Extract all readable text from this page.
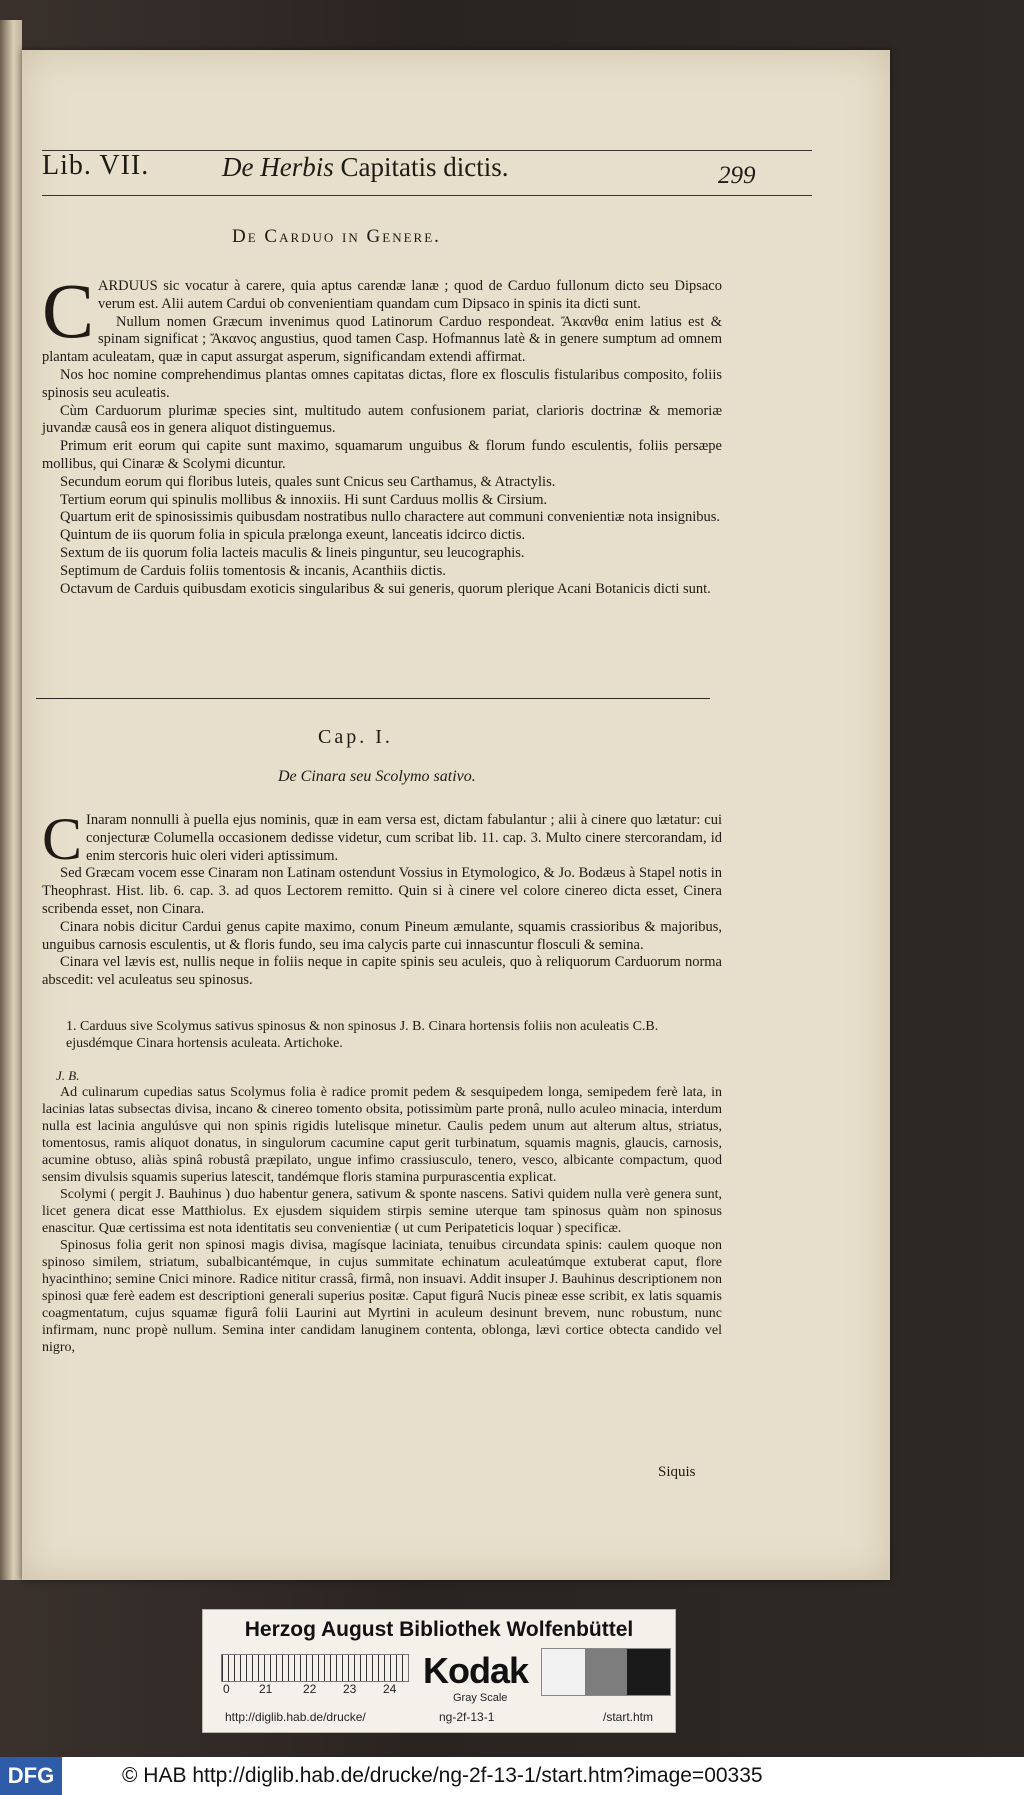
Lib. VII.	De Herbis Capitatis dictis.	299
De Carduo in Genere.
C ARDUUS sic vocatur à carere, quia aptus carendæ lanæ ; quod de Carduo fullonum dicto seu Dipsaco verum est. Alii autem Cardui ob convenientiam quandam cum Dipsaco in spinis ita dicti sunt.

Nullum nomen Græcum invenimus quod Latinorum Carduo respondeat. Ἄκανθα enim latius est & spinam significat ; Ἄκανος angustius, quod tamen Casp. Hofmannus latè & in genere sumptum ad omnem plantam aculeatam, quæ in caput assurgat asperum, significandam extendi affirmat.

Nos hoc nomine comprehendimus plantas omnes capitatas dictas, flore ex flosculis fistularibus composito, foliis spinosis seu aculeatis.

Cùm Carduorum plurimæ species sint, multitudo autem confusionem pariat, clarioris doctrinæ & memoriæ juvandæ causâ eos in genera aliquot distinguemus.

Primum erit eorum qui capite sunt maximo, squamarum unguibus & florum fundo esculentis, foliis persæpe mollibus, qui Cinaræ & Scolymi dicuntur.

Secundum eorum qui floribus luteis, quales sunt Cnicus seu Carthamus, & Atractylis.

Tertium eorum qui spinulis mollibus & innoxiis. Hi sunt Carduus mollis & Cirsium.

Quartum erit de spinosissimis quibusdam nostratibus nullo charactere aut communi convenientiæ nota insignibus.

Quintum de iis quorum folia in spicula prælonga exeunt, lanceatis idcirco dictis.

Sextum de iis quorum folia lacteis maculis & lineis pinguntur, seu leucographis.

Septimum de Carduis foliis tomentosis & incanis, Acanthiis dictis.

Octavum de Carduis quibusdam exoticis singularibus & sui generis, quorum plerique Acani Botanicis dicti sunt.

Cap. I.
De Cinara seu Scolymo sativo.
C Inaram nonnulli à puella ejus nominis, quæ in eam versa est, dictam fabulantur ; alii à cinere quo lætatur: cui conjecturæ Columella occasionem dedisse videtur, cum scribat lib. 11. cap. 3. Multo cinere stercorandam, id enim stercoris huic oleri videri aptissimum.

Sed Græcam vocem esse Cinaram non Latinam ostendunt Vossius in Etymologico, & Jo. Bodæus à Stapel notis in Theophrast. Hist. lib. 6. cap. 3. ad quos Lectorem remitto. Quin si à cinere vel colore cinereo dicta esset, Cinera scribenda esset, non Cinara.

Cinara nobis dicitur Cardui genus capite maximo, conum Pineum æmulante, squamis crassioribus & majoribus, unguibus carnosis esculentis, ut & floris fundo, seu ima calycis parte cui innascuntur flosculi & semina.

Cinara vel lævis est, nullis neque in foliis neque in capite spinis seu aculeis, quo à reliquorum Carduorum norma abscedit: vel aculeatus seu spinosus.

1. Carduus sive Scolymus sativus spinosus & non spinosus J. B. Cinara hortensis foliis non aculeatis C.B. ejusdémque Cinara hortensis aculeata. Artichoke.
J. B.

Ad culinarum cupedias satus Scolymus folia è radice promit pedem & sesquipedem longa, semipedem ferè lata, in lacinias latas subsectas divisa, incano & cinereo tomento obsita, potissimùm parte pronâ, nullo aculeo minacia, interdum nulla est lacinia angulúsve qui non spinis rigidis lutelisque minetur. Caulis pedem unum aut alterum altus, striatus, tomentosus, ramis aliquot donatus, in singulorum cacumine caput gerit turbinatum, squamis magnis, glaucis, carnosis, acumine obtuso, aliàs spinâ robustâ præpilato, ungue infimo crassiusculo, tenero, vesco, albicante compactum, quod sensim divulsis squamis superius latescit, tandémque floris stamina purpurascentia explicat.

Scolymi ( pergit J. Bauhinus ) duo habentur genera, sativum & sponte nascens. Sativi quidem nulla verè genera sunt, licet genera dicat esse Matthiolus. Ex ejusdem siquidem stirpis semine uterque tam spinosus quàm non spinosus enascitur. Quæ certissima est nota identitatis seu convenientiæ ( ut cum Peripateticis loquar ) specificæ.

Spinosus folia gerit non spinosi magis divisa, magísque laciniata, tenuibus circundata spinis: caulem quoque non spinoso similem, striatum, subalbicantémque, in cujus summitate echinatum aculeatúmque extuberat caput, flore hyacinthino; semine Cnici minore. Radice nititur crassâ, firmâ, non insuavi. Addit insuper J. Bauhinus descriptionem non spinosi quæ ferè eadem est descriptioni generali superius positæ. Caput figurâ Nucis pineæ esse scribit, ex latis squamis coagmentatum, cujus squamæ figurâ folii Laurini aut Myrtini in aculeum desinunt brevem, nunc robustum, nunc infirmam, nunc propè nullum. Semina inter candidam lanuginem contenta, oblonga, lævi cortice obtecta candido vel nigro,

Siquis
Herzog August Bibliothek Wolfenbüttel
0 21	22 23 24 Kodak
Gray Scale
http://diglib.hab.de/drucke/	ng-2f-13-1	/start.htm
DFG	© HAB http://diglib.hab.de/drucke/ng-2f-13-1/start.htm?image=00335
